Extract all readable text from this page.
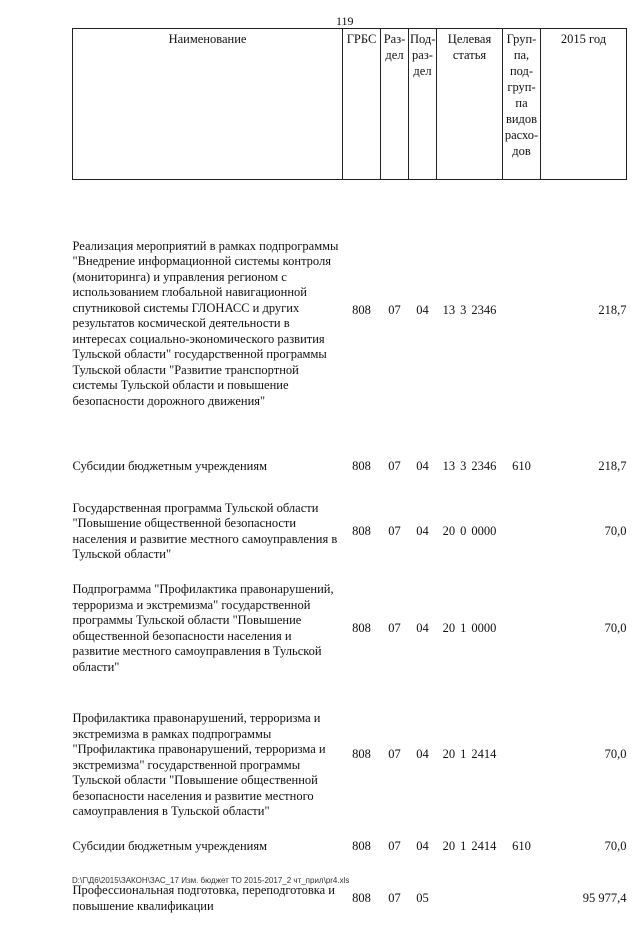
119
Наименование	ГРБС	Раз-дел	Под-раз-дел	Целевая статья	Груп-па, под-груп-па видов расхо-дов	2015 год
Реализация мероприятий в рамках подпрограммы "Внедрение информационной системы контроля (мониторинга) и управления регионом с использованием глобальной навигационной спутниковой системы ГЛОНАСС и других результатов космической деятельности в интересах социально-экономического развития Тульской области" государственной программы Тульской области "Развитие транспортной системы Тульской области и повышение безопасности дорожного движения"	808	07	04	13 3 2346		218,7
Субсидии бюджетным учреждениям	808	07	04	13 3 2346	610	218,7
Государственная программа Тульской области "Повышение общественной безопасности населения и развитие местного самоуправления в Тульской области"	808	07	04	20 0 0000		70,0
Подпрограмма "Профилактика правонарушений, терроризма и экстремизма" государственной программы Тульской области "Повышение общественной безопасности населения и развитие местного самоуправления в Тульской области"	808	07	04	20 1 0000		70,0
Профилактика правонарушений, терроризма и экстремизма в рамках подпрограммы "Профилактика правонарушений, терроризма и экстремизма" государственной программы Тульской области "Повышение общественной безопасности населения и развитие местного самоуправления в Тульской области"	808	07	04	20 1 2414		70,0
Субсидии бюджетным учреждениям	808	07	04	20 1 2414	610	70,0
Профессиональная подготовка, переподготовка и повышение квалификации	808	07	05			95 977,4
D:\Г\Д6\2015\ЗАКОН\ЗАС_17 Изм. бюджет ТО 2015-2017_2 чт_прил\pr4.xls
